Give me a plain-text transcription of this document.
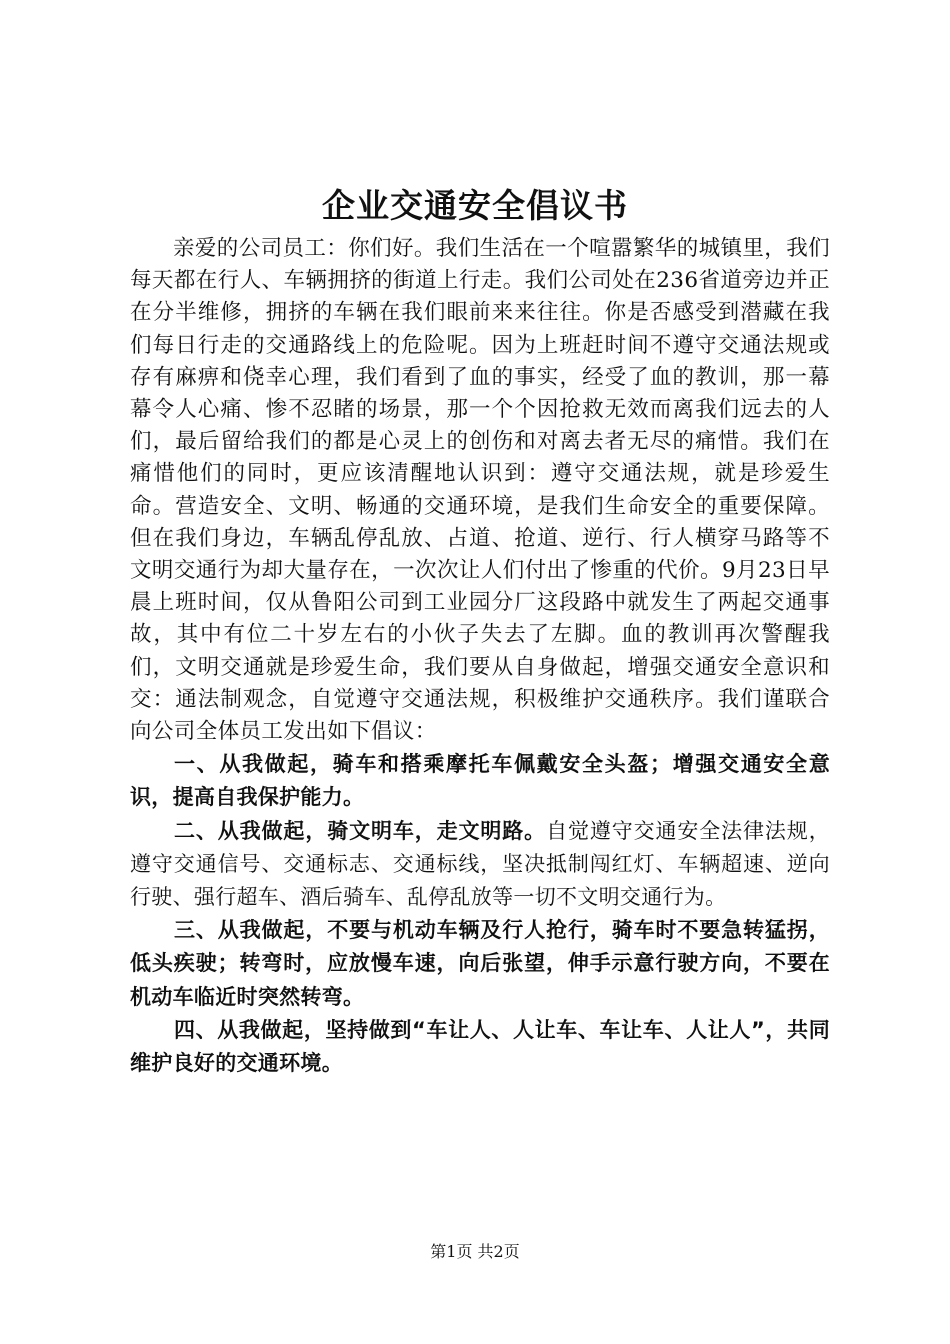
企业交通安全倡议书

亲爱的公司员工：你们好。我们生活在一个喧嚣繁华的城镇里，我们每天都在行人、车辆拥挤的街道上行走。我们公司处在236省道旁边并正在分半维修，拥挤的车辆在我们眼前来来往往。你是否感受到潜藏在我们每日行走的交通路线上的危险呢。因为上班赶时间不遵守交通法规或存有麻痹和侥幸心理，我们看到了血的事实，经受了血的教训，那一幕幕令人心痛、惨不忍睹的场景，那一个个因抢救无效而离我们远去的人们，最后留给我们的都是心灵上的创伤和对离去者无尽的痛惜。我们在痛惜他们的同时，更应该清醒地认识到：遵守交通法规，就是珍爱生命。营造安全、文明、畅通的交通环境，是我们生命安全的重要保障。但在我们身边，车辆乱停乱放、占道、抢道、逆行、行人横穿马路等不文明交通行为却大量存在，一次次让人们付出了惨重的代价。9月23日早晨上班时间，仅从鲁阳公司到工业园分厂这段路中就发生了两起交通事故，其中有位二十岁左右的小伙子失去了左脚。血的教训再次警醒我们，文明交通就是珍爱生命，我们要从自身做起，增强交通安全意识和交：通法制观念，自觉遵守交通法规，积极维护交通秩序。我们谨联合向公司全体员工发出如下倡议：

一、从我做起，骑车和搭乘摩托车佩戴安全头盔；增强交通安全意识，提高自我保护能力。

二、从我做起，骑文明车，走文明路。自觉遵守交通安全法律法规，遵守交通信号、交通标志、交通标线，坚决抵制闯红灯、车辆超速、逆向行驶、强行超车、酒后骑车、乱停乱放等一切不文明交通行为。

三、从我做起，不要与机动车辆及行人抢行，骑车时不要急转猛拐，低头疾驶；转弯时，应放慢车速，向后张望，伸手示意行驶方向，不要在机动车临近时突然转弯。

四、从我做起，坚持做到“车让人、人让车、车让车、人让人”，共同维护良好的交通环境。

第1页 共2页
